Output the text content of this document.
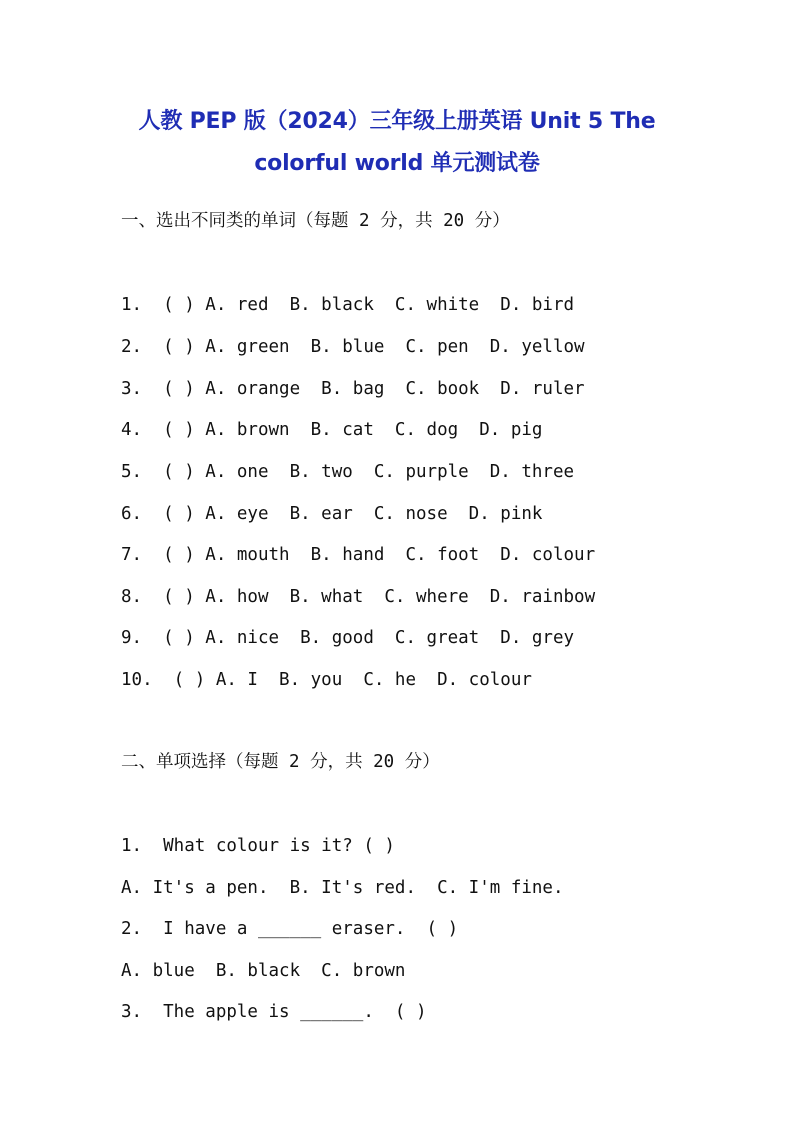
人教 PEP 版（2024）三年级上册英语 Unit 5 The
colorful world 单元测试卷
一、选出不同类的单词（每题 2 分，共 20 分）
1.  ( ) A. red  B. black  C. white  D. bird
2.  ( ) A. green  B. blue  C. pen  D. yellow
3.  ( ) A. orange  B. bag  C. book  D. ruler
4.  ( ) A. brown  B. cat  C. dog  D. pig
5.  ( ) A. one  B. two  C. purple  D. three
6.  ( ) A. eye  B. ear  C. nose  D. pink
7.  ( ) A. mouth  B. hand  C. foot  D. colour
8.  ( ) A. how  B. what  C. where  D. rainbow
9.  ( ) A. nice  B. good  C. great  D. grey
10.  ( ) A. I  B. you  C. he  D. colour
二、单项选择（每题 2 分，共 20 分）
1.  What colour is it? ( )
A. It's a pen.  B. It's red.  C. I'm fine.
2.  I have a ______ eraser.  ( )
A. blue  B. black  C. brown
3.  The apple is ______.  ( )
